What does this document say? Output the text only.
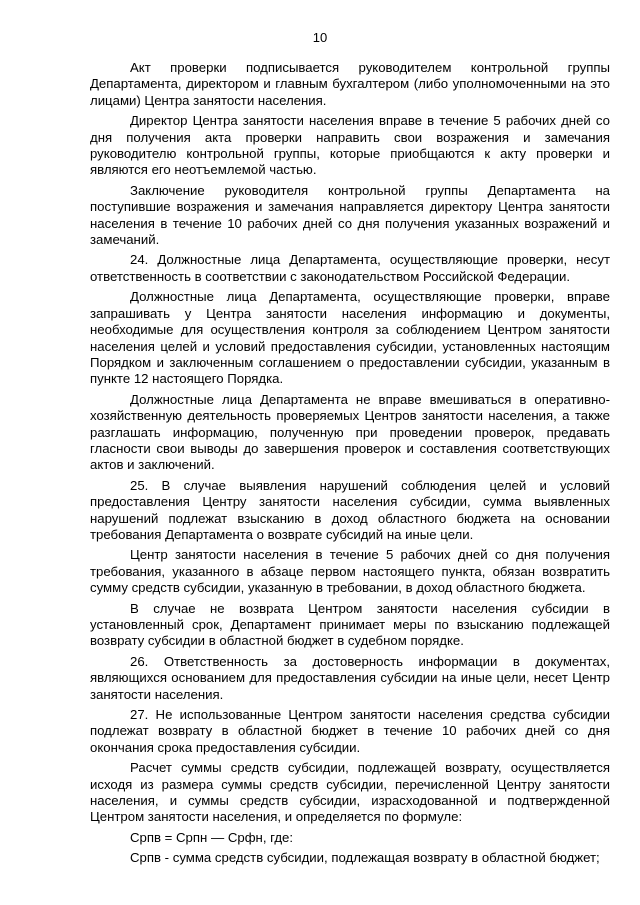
10

Акт проверки подписывается руководителем контрольной группы Департамента, директором и главным бухгалтером (либо уполномоченными на это лицами) Центра занятости населения.

Директор Центра занятости населения вправе в течение 5 рабочих дней со дня получения акта проверки направить свои возражения и замечания руководителю контрольной группы, которые приобщаются к акту проверки и являются его неотъемлемой частью.

Заключение руководителя контрольной группы Департамента на поступившие возражения и замечания направляется директору Центра занятости населения в течение 10 рабочих дней со дня получения указанных возражений и замечаний.

24. Должностные лица Департамента, осуществляющие проверки, несут ответственность в соответствии с законодательством Российской Федерации.

Должностные лица Департамента, осуществляющие проверки, вправе запрашивать у Центра занятости населения информацию и документы, необходимые для осуществления контроля за соблюдением Центром занятости населения целей и условий предоставления субсидии, установленных настоящим Порядком и заключенным соглашением о предоставлении субсидии, указанным в пункте 12 настоящего Порядка.

Должностные лица Департамента не вправе вмешиваться в оперативно-хозяйственную деятельность проверяемых Центров занятости населения, а также разглашать информацию, полученную при проведении проверок, предавать гласности свои выводы до завершения проверок и составления соответствующих актов и заключений.

25. В случае выявления нарушений соблюдения целей и условий предоставления Центру занятости населения субсидии, сумма выявленных нарушений подлежат взысканию в доход областного бюджета на основании требования Департамента о возврате субсидий на иные цели.

Центр занятости населения в течение 5 рабочих дней со дня получения требования, указанного в абзаце первом настоящего пункта, обязан возвратить сумму средств субсидии, указанную в требовании, в доход областного бюджета.

В случае не возврата Центром занятости населения субсидии в установленный срок, Департамент принимает меры по взысканию подлежащей возврату субсидии в областной бюджет в судебном порядке.

26. Ответственность за достоверность информации в документах, являющихся основанием для предоставления субсидии на иные цели, несет Центр занятости населения.

27. Не использованные Центром занятости населения средства субсидии подлежат возврату в областной бюджет в течение 10 рабочих дней со дня окончания срока предоставления субсидии.

Расчет суммы средств субсидии, подлежащей возврату, осуществляется исходя из размера суммы средств субсидии, перечисленной Центру занятости населения, и суммы средств субсидии, израсходованной и подтвержденной Центром занятости населения, и определяется по формуле:

Српв = Српн — Срфн, где:

Српв - сумма средств субсидии, подлежащая возврату в областной бюджет;
